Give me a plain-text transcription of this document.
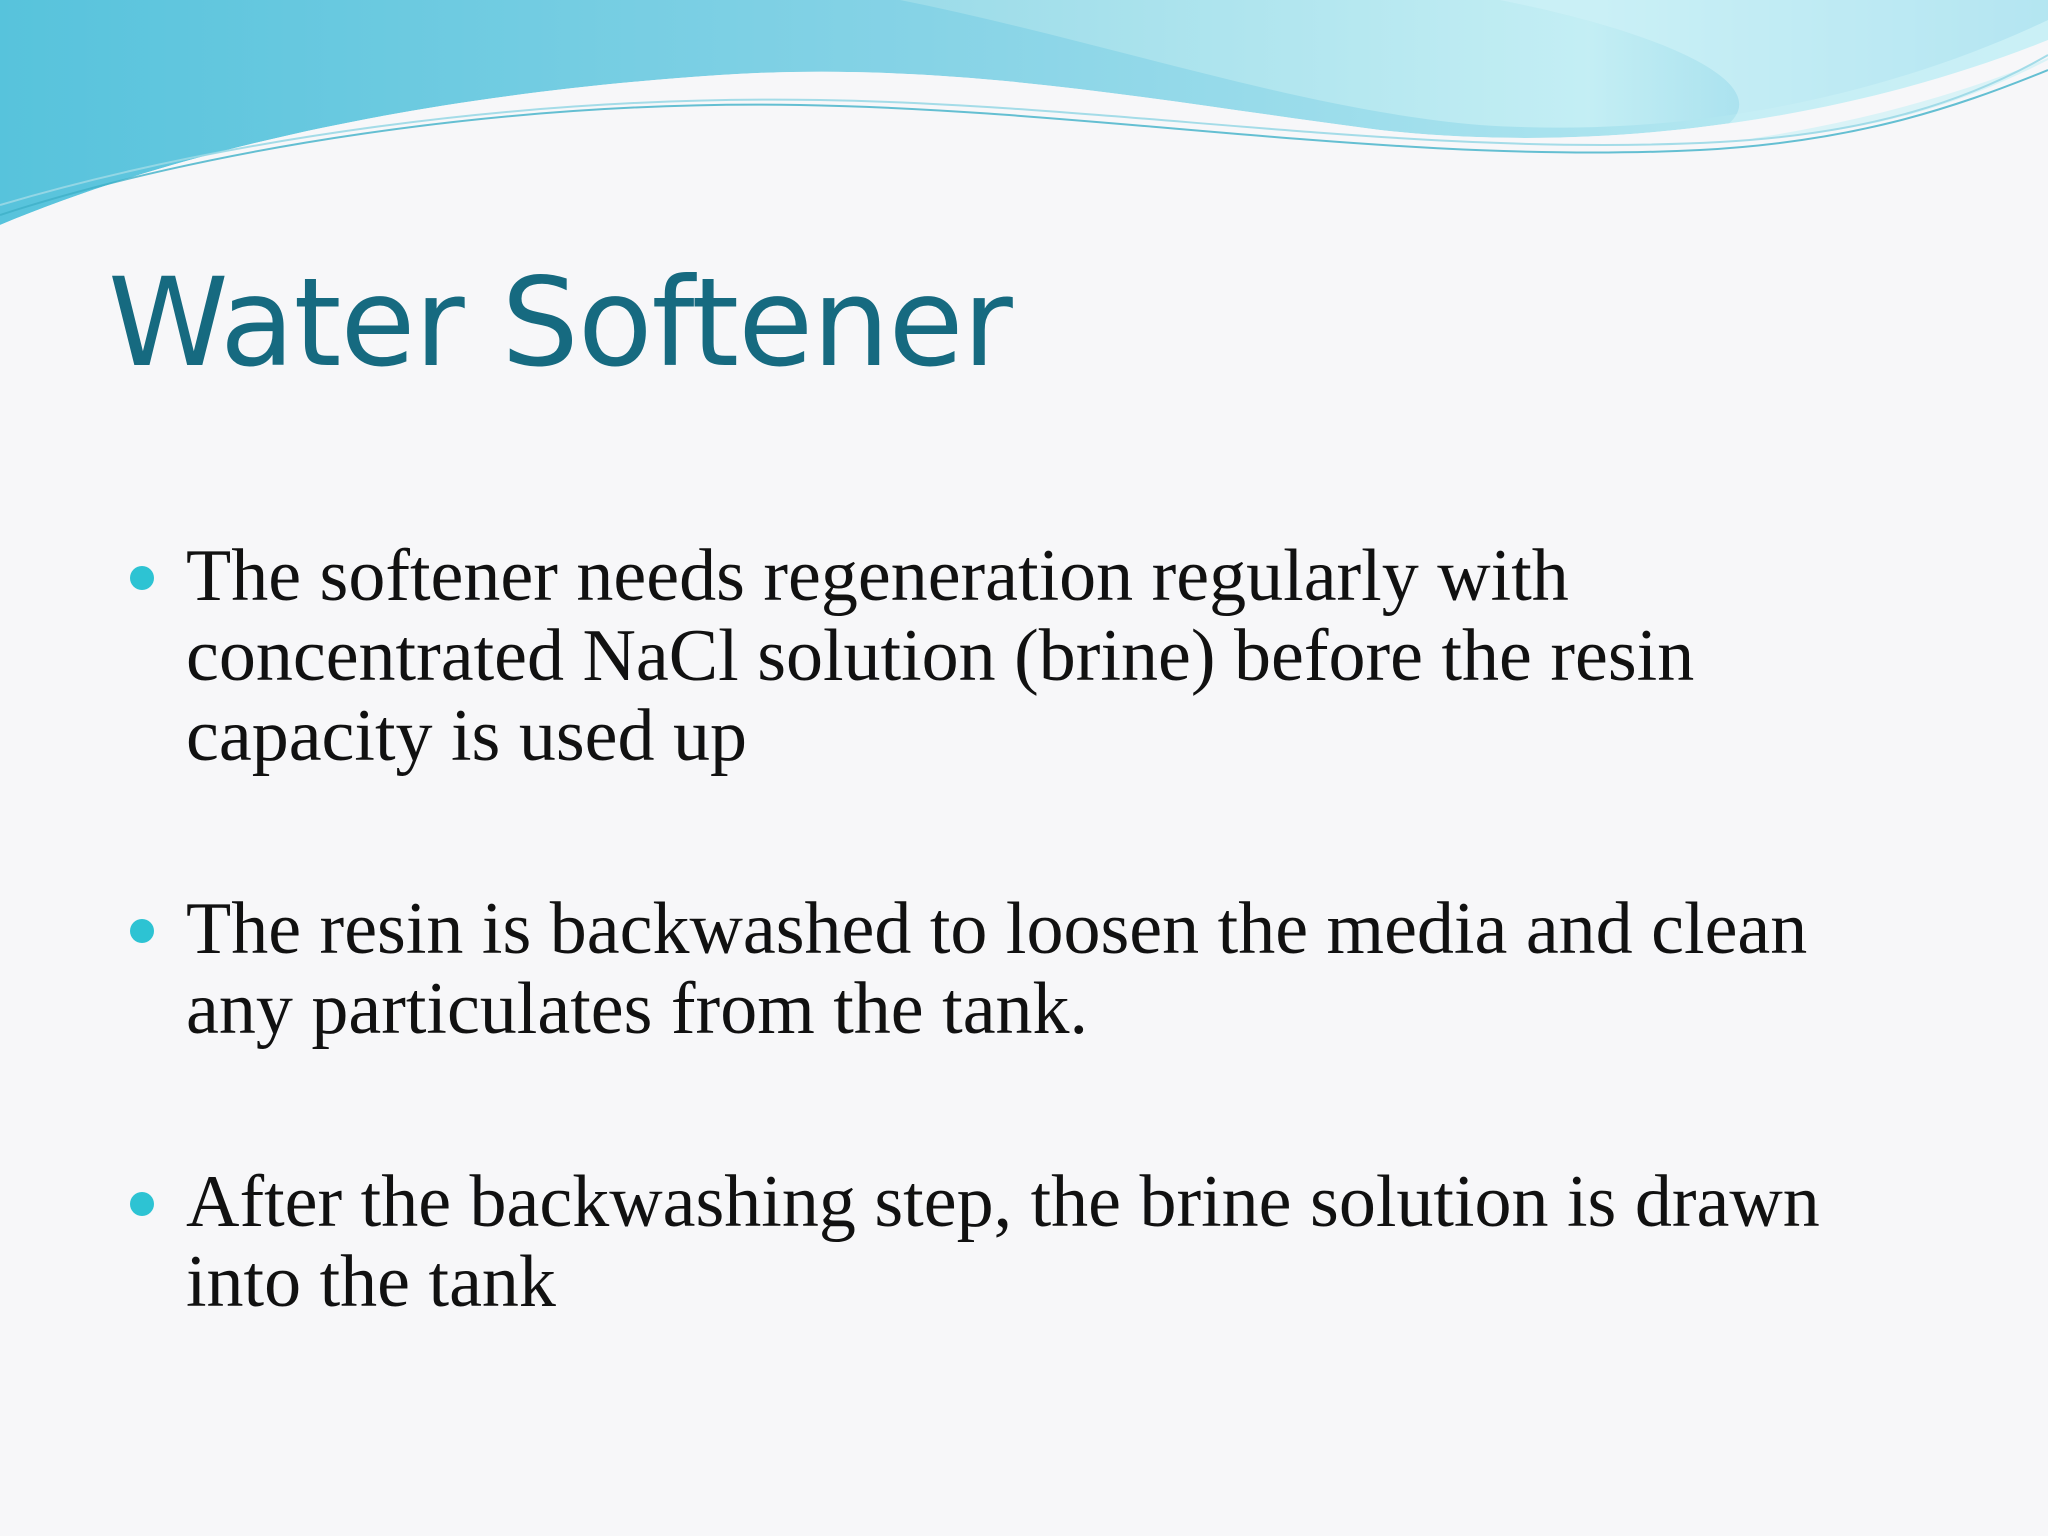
Water Softener
The softener needs regeneration regularly with concentrated NaCl solution (brine) before the resin capacity is used up
The resin is backwashed to loosen the media and clean any particulates from the tank.
After the backwashing step, the brine solution is drawn into the tank
